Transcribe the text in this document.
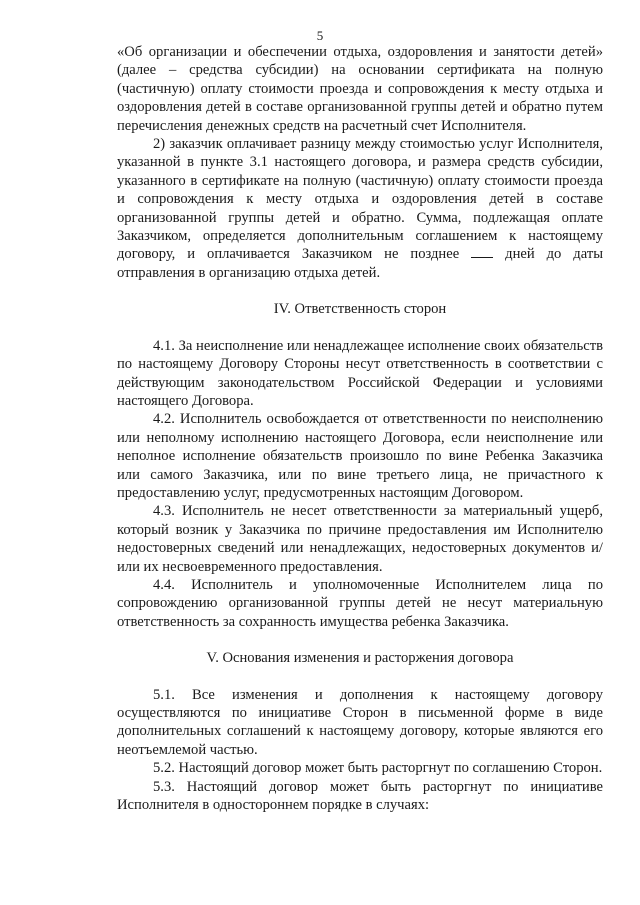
5

«Об организации и обеспечении отдыха, оздоровления и занятости детей» (далее – средства субсидии) на основании сертификата на полную (частичную) оплату стоимости проезда и сопровождения к месту отдыха и оздоровления детей в составе организованной группы детей и обратно путем перечисления денежных средств на расчетный счет Исполнителя.

2) заказчик оплачивает разницу между стоимостью услуг Исполнителя, указанной в пункте 3.1 настоящего договора, и размера средств субсидии, указанного в сертификате на полную (частичную) оплату стоимости проезда и сопровождения к месту отдыха и оздоровления детей в составе организованной группы детей и обратно. Сумма, подлежащая оплате Заказчиком, определяется дополнительным соглашением к настоящему договору, и оплачивается Заказчиком не позднее	дней до даты отправления в организацию отдыха детей.

IV. Ответственность сторон

4.1. За неисполнение или ненадлежащее исполнение своих обязательств по настоящему Договору Стороны несут ответственность в соответствии с действующим законодательством Российской Федерации и условиями настоящего Договора.

4.2. Исполнитель освобождается от ответственности по неисполнению или неполному исполнению настоящего Договора, если неисполнение или неполное исполнение обязательств произошло по вине Ребенка Заказчика или самого Заказчика, или по вине третьего лица, не причастного к предоставлению услуг, предусмотренных настоящим Договором.

4.3. Исполнитель не несет ответственности за материальный ущерб, который возник у Заказчика по причине предоставления им Исполнителю недостоверных сведений или ненадлежащих, недостоверных документов и/или их несвоевременного предоставления.

4.4. Исполнитель и уполномоченные Исполнителем лица по сопровождению организованной группы детей не несут материальную ответственность за сохранность имущества ребенка Заказчика.

V. Основания изменения и расторжения договора

5.1. Все изменения и дополнения к настоящему договору осуществляются по инициативе Сторон в письменной форме в виде дополнительных соглашений к настоящему договору, которые являются его неотъемлемой частью.

5.2. Настоящий договор может быть расторгнут по соглашению Сторон.

5.3. Настоящий договор может быть расторгнут по инициативе Исполнителя в одностороннем порядке в случаях:
